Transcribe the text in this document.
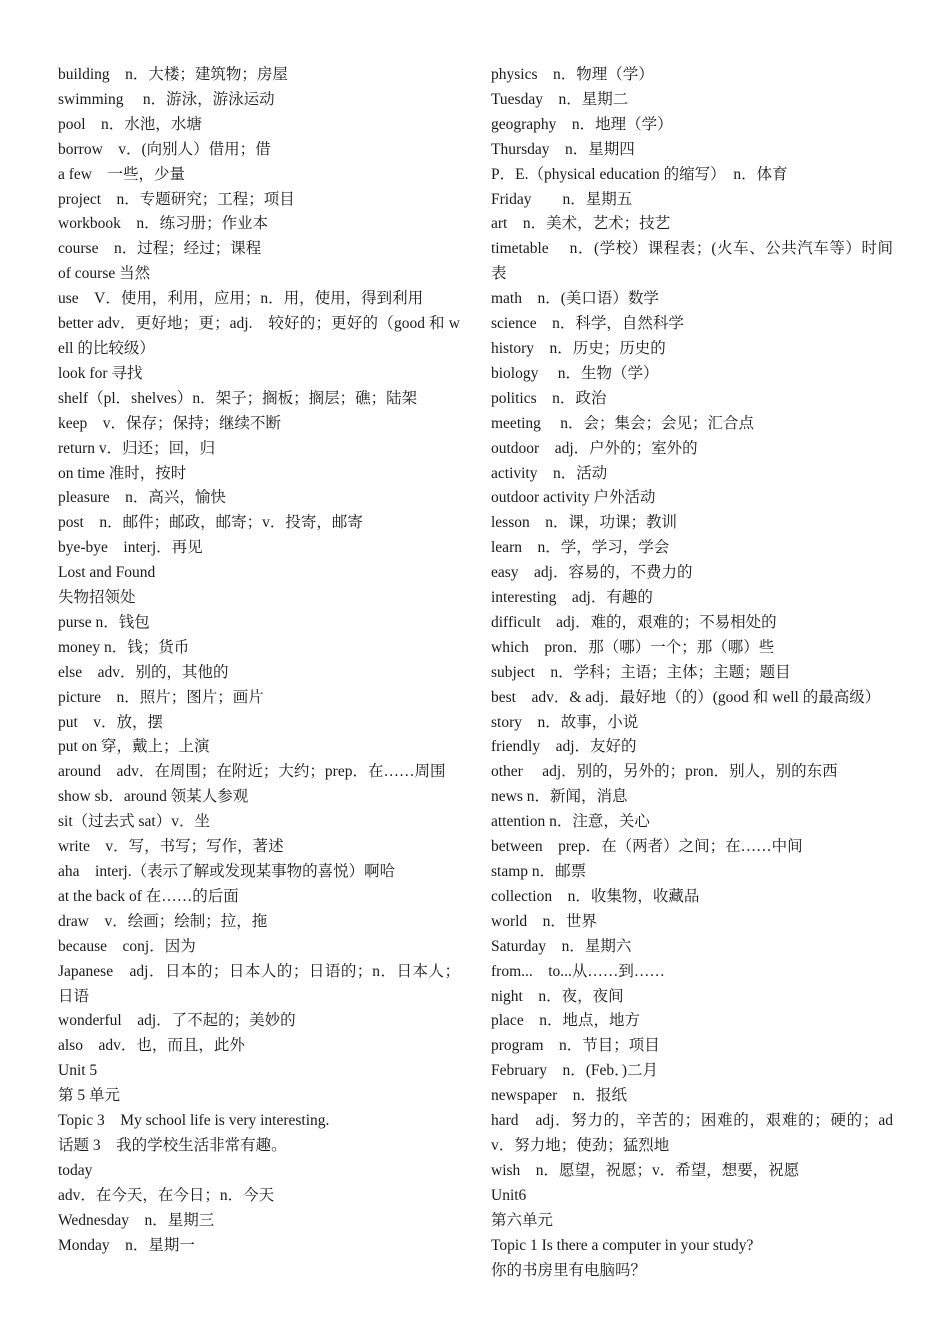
building　n．大楼；建筑物；房屋
swimming　 n．游泳，游泳运动
pool　n．水池，水塘
borrow　v．(向别人）借用；借
a few　一些，少量
project　n．专题研究；工程；项目
workbook　n．练习册；作业本
course　n．过程；经过；课程
of course 当然
use　V．使用，利用，应用；n．用，使用，得到利用
better adv．更好地；更；adj.　较好的；更好的（good 和 well 的比较级）
look for 寻找
shelf（pl．shelves）n．架子；搁板；搁层；礁；陆架
keep　v．保存；保持；继续不断
return v．归还；回，归
on time 准时，按时
pleasure　n．高兴，愉快
post　n．邮件；邮政，邮寄；v．投寄，邮寄
bye-bye　interj．再见
Lost and Found
失物招领处
purse n．钱包
money n．钱；货币
else　adv．别的，其他的
picture　n．照片；图片；画片
put　v．放，摆
put on 穿，戴上；上演
around　adv．在周围；在附近；大约；prep．在……周围
show sb．around 领某人参观
sit（过去式 sat）v．坐
write　v．写，书写；写作，著述
aha　interj.（表示了解或发现某事物的喜悦）啊哈
at the back of 在……的后面
draw　v．绘画；绘制；拉，拖
because　conj．因为
Japanese　adj．日本的；日本人的；日语的；n．日本人；日语
wonderful　adj．了不起的；美妙的
also　adv．也，而且，此外
Unit 5
第 5 单元
Topic 3　My school life is very interesting.
话题 3　我的学校生活非常有趣。
today
adv．在今天，在今日；n．今天
Wednesday　n．星期三
Monday　n．星期一
physics　n．物理（学）
Tuesday　n．星期二
geography　n．地理（学）
Thursday　n．星期四
P．E.（physical education 的缩写）　n．体育
Friday　　n．星期五
art　n．美术，艺术；技艺
timetable　 n．(学校）课程表；(火车、公共汽车等）时间表
math　n．(美口语）数学
science　n．科学，自然科学
history　n．历史；历史的
biology　 n．生物（学）
politics　n．政治
meeting　 n．会；集会；会见；汇合点
outdoor　adj．户外的；室外的
activity　n．活动
outdoor activity 户外活动
lesson　n．课，功课；教训
learn　n．学，学习，学会
easy　adj．容易的，不费力的
interesting　adj．有趣的
difficult　adj．难的，艰难的；不易相处的
which　pron．那（哪）一个；那（哪）些
subject　n．学科；主语；主体；主题；题目
best　adv．& adj．最好地（的）(good 和 well 的最高级）
story　n．故事，小说
friendly　adj．友好的
other　 adj．别的，另外的；pron．别人，别的东西
news n．新闻，消息
attention n．注意，关心
between　prep．在（两者）之间；在……中间
stamp n．邮票
collection　n．收集物，收藏品
world　n．世界
Saturday　n．星期六
from...　to...从……到……
night　n．夜，夜间
place　n．地点，地方
program　n．节目；项目
February　n．(Feb．)二月
newspaper　n．报纸
hard　adj．努力的，辛苦的；困难的，艰难的；硬的；adv．努力地；使劲；猛烈地
wish　n．愿望，祝愿；v．希望，想要，祝愿
Unit6
第六单元
Topic 1 Is there a computer in your study?
你的书房里有电脑吗？
